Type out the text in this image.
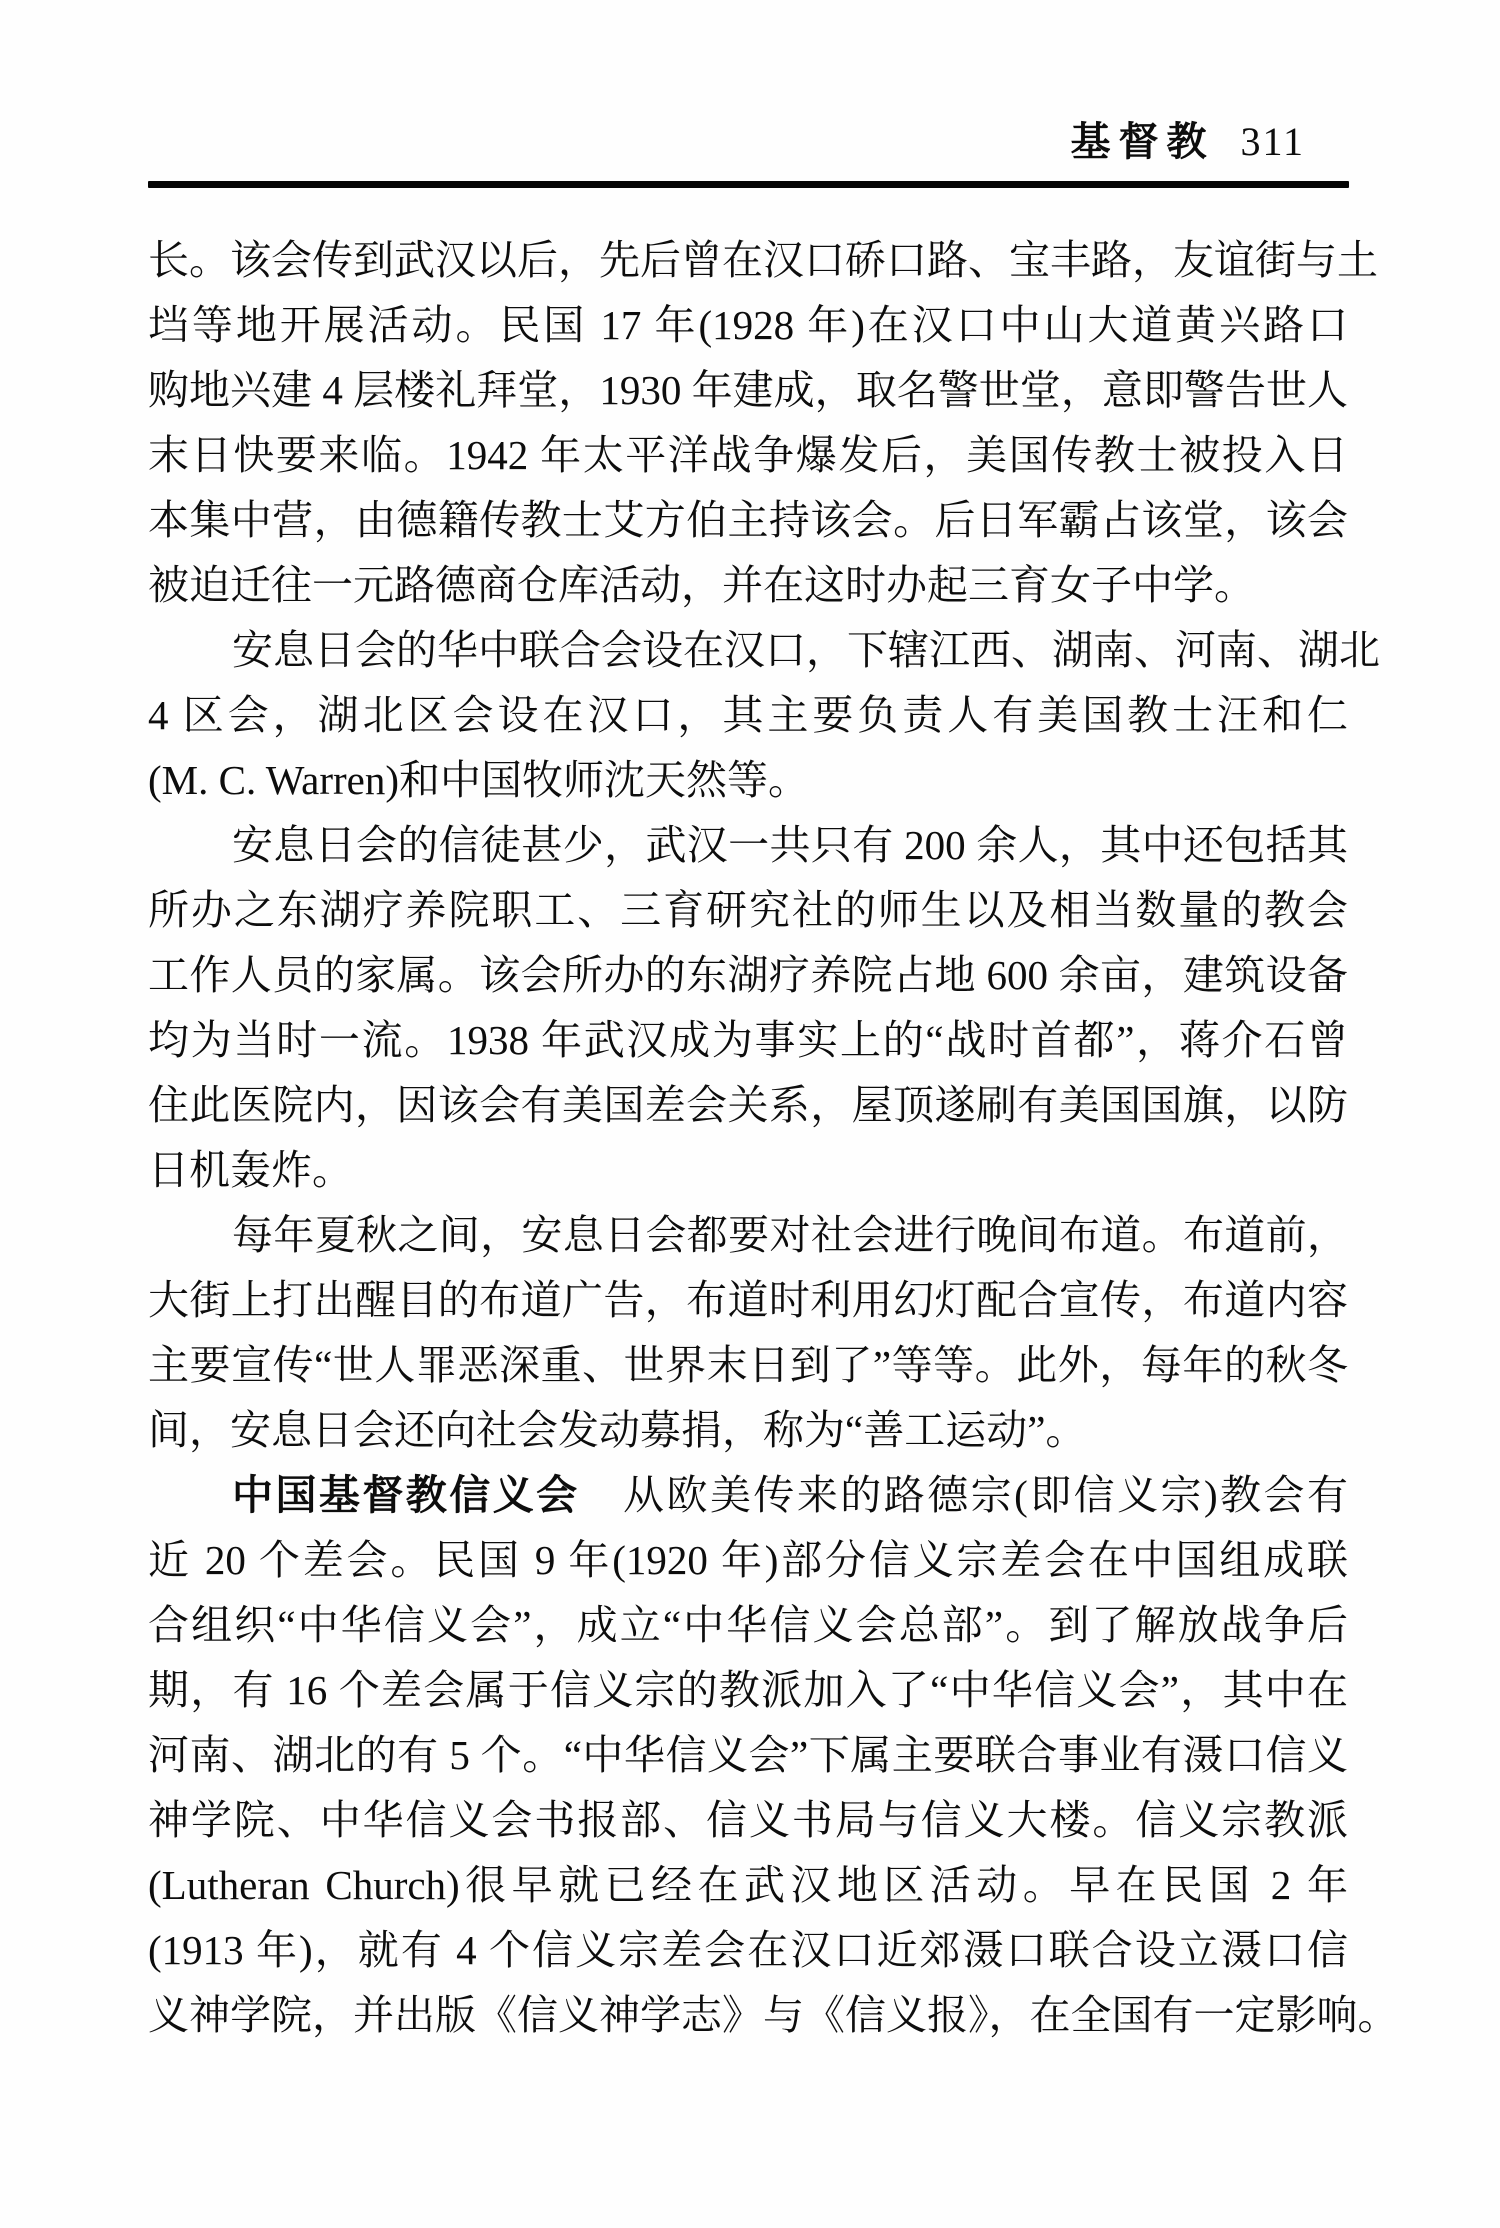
基督教 311
长。该会传到武汉以后，先后曾在汉口硚口路、宝丰路，友谊街与土
垱等地开展活动。民国 17 年(1928 年)在汉口中山大道黄兴路口
购地兴建 4 层楼礼拜堂，1930 年建成，取名警世堂，意即警告世人
末日快要来临。1942 年太平洋战争爆发后，美国传教士被投入日
本集中营，由德籍传教士艾方伯主持该会。后日军霸占该堂，该会
被迫迁往一元路德商仓库活动，并在这时办起三育女子中学。
安息日会的华中联合会设在汉口，下辖江西、湖南、河南、湖北
4 区会，湖北区会设在汉口，其主要负责人有美国教士汪和仁
(M. C. Warren)和中国牧师沈天然等。
安息日会的信徒甚少，武汉一共只有 200 余人，其中还包括其
所办之东湖疗养院职工、三育研究社的师生以及相当数量的教会
工作人员的家属。该会所办的东湖疗养院占地 600 余亩，建筑设备
均为当时一流。1938 年武汉成为事实上的“战时首都”，蒋介石曾
住此医院内，因该会有美国差会关系，屋顶遂刷有美国国旗，以防
日机轰炸。
每年夏秋之间，安息日会都要对社会进行晚间布道。布道前，
大街上打出醒目的布道广告，布道时利用幻灯配合宣传，布道内容
主要宣传“世人罪恶深重、世界末日到了”等等。此外，每年的秋冬
间，安息日会还向社会发动募捐，称为“善工运动”。
中国基督教信义会　从欧美传来的路德宗(即信义宗)教会有
近 20 个差会。民国 9 年(1920 年)部分信义宗差会在中国组成联
合组织“中华信义会”，成立“中华信义会总部”。到了解放战争后
期，有 16 个差会属于信义宗的教派加入了“中华信义会”，其中在
河南、湖北的有 5 个。“中华信义会”下属主要联合事业有滠口信义
神学院、中华信义会书报部、信义书局与信义大楼。信义宗教派
(Lutheran Church)很早就已经在武汉地区活动。早在民国 2 年
(1913 年)，就有 4 个信义宗差会在汉口近郊滠口联合设立滠口信
义神学院，并出版《信义神学志》与《信义报》，在全国有一定影响。
